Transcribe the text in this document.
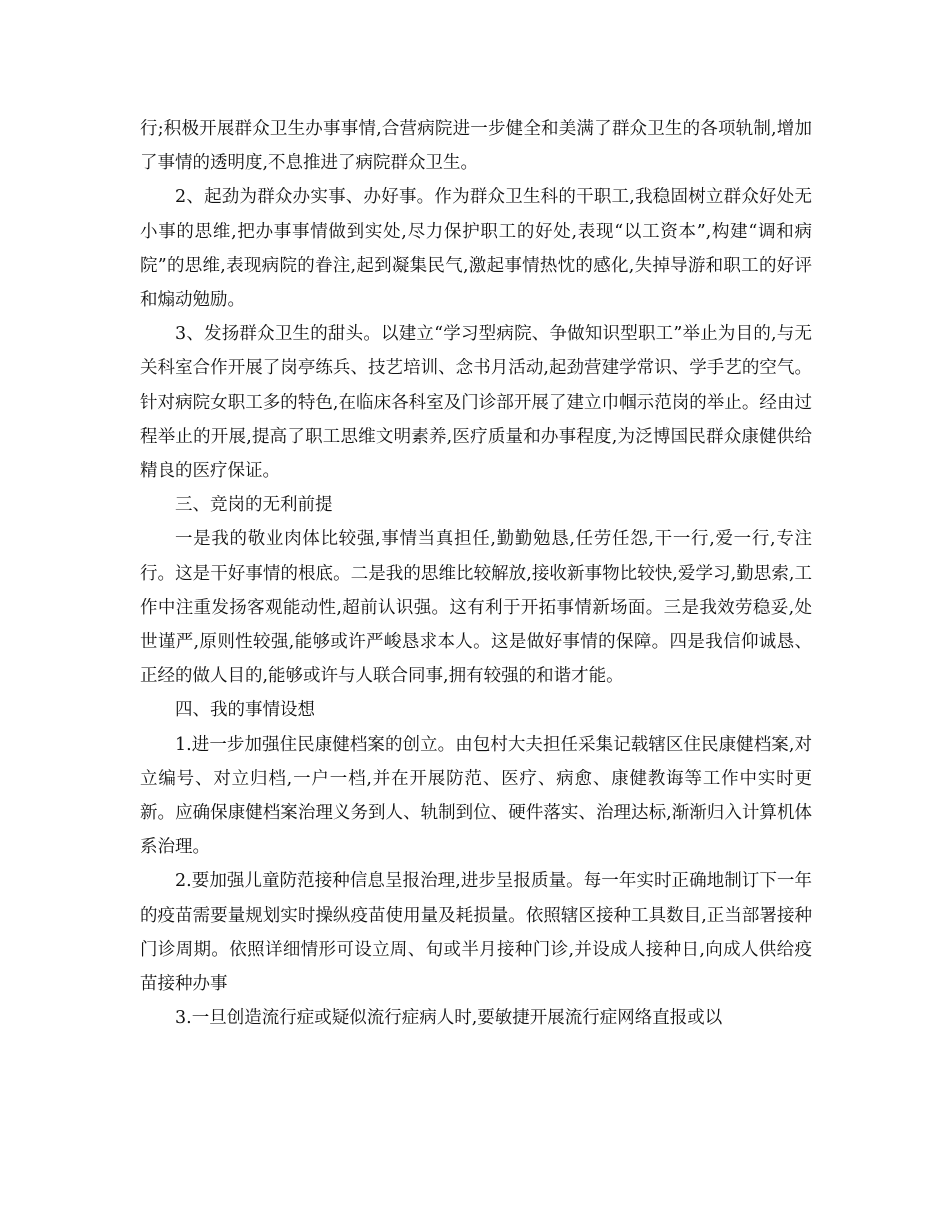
行;积极开展群众卫生办事事情,合营病院进一步健全和美满了群众卫生的各项轨制,增加了事情的透明度,不息推进了病院群众卫生。

2、起劲为群众办实事、办好事。作为群众卫生科的干职工,我稳固树立群众好处无小事的思维,把办事事情做到实处,尽力保护职工的好处,表现“以工资本”,构建“调和病院”的思维,表现病院的眷注,起到凝集民气,激起事情热忱的感化,失掉导游和职工的好评和煽动勉励。

3、发扬群众卫生的甜头。以建立“学习型病院、争做知识型职工”举止为目的,与无关科室合作开展了岗亭练兵、技艺培训、念书月活动,起劲营建学常识、学手艺的空气。针对病院女职工多的特色,在临床各科室及门诊部开展了建立巾帼示范岗的举止。经由过程举止的开展,提高了职工思维文明素养,医疗质量和办事程度,为泛博国民群众康健供给精良的医疗保证。

三、竞岗的无利前提

一是我的敬业肉体比较强,事情当真担任,勤勤勉恳,任劳任怨,干一行,爱一行,专注行。这是干好事情的根底。二是我的思维比较解放,接收新事物比较快,爱学习,勤思索,工作中注重发扬客观能动性,超前认识强。这有利于开拓事情新场面。三是我效劳稳妥,处世谨严,原则性较强,能够或许严峻恳求本人。这是做好事情的保障。四是我信仰诚恳、正经的做人目的,能够或许与人联合同事,拥有较强的和谐才能。

四、我的事情设想

1.进一步加强住民康健档案的创立。由包村大夫担任采集记载辖区住民康健档案,对立编号、对立归档,一户一档,并在开展防范、医疗、病愈、康健教诲等工作中实时更新。应确保康健档案治理义务到人、轨制到位、硬件落实、治理达标,渐渐归入计算机体系治理。

2.要加强儿童防范接种信息呈报治理,进步呈报质量。每一年实时正确地制订下一年的疫苗需要量规划实时操纵疫苗使用量及耗损量。依照辖区接种工具数目,正当部署接种门诊周期。依照详细情形可设立周、旬或半月接种门诊,并设成人接种日,向成人供给疫苗接种办事

3.一旦创造流行症或疑似流行症病人时,要敏捷开展流行症网络直报或以
